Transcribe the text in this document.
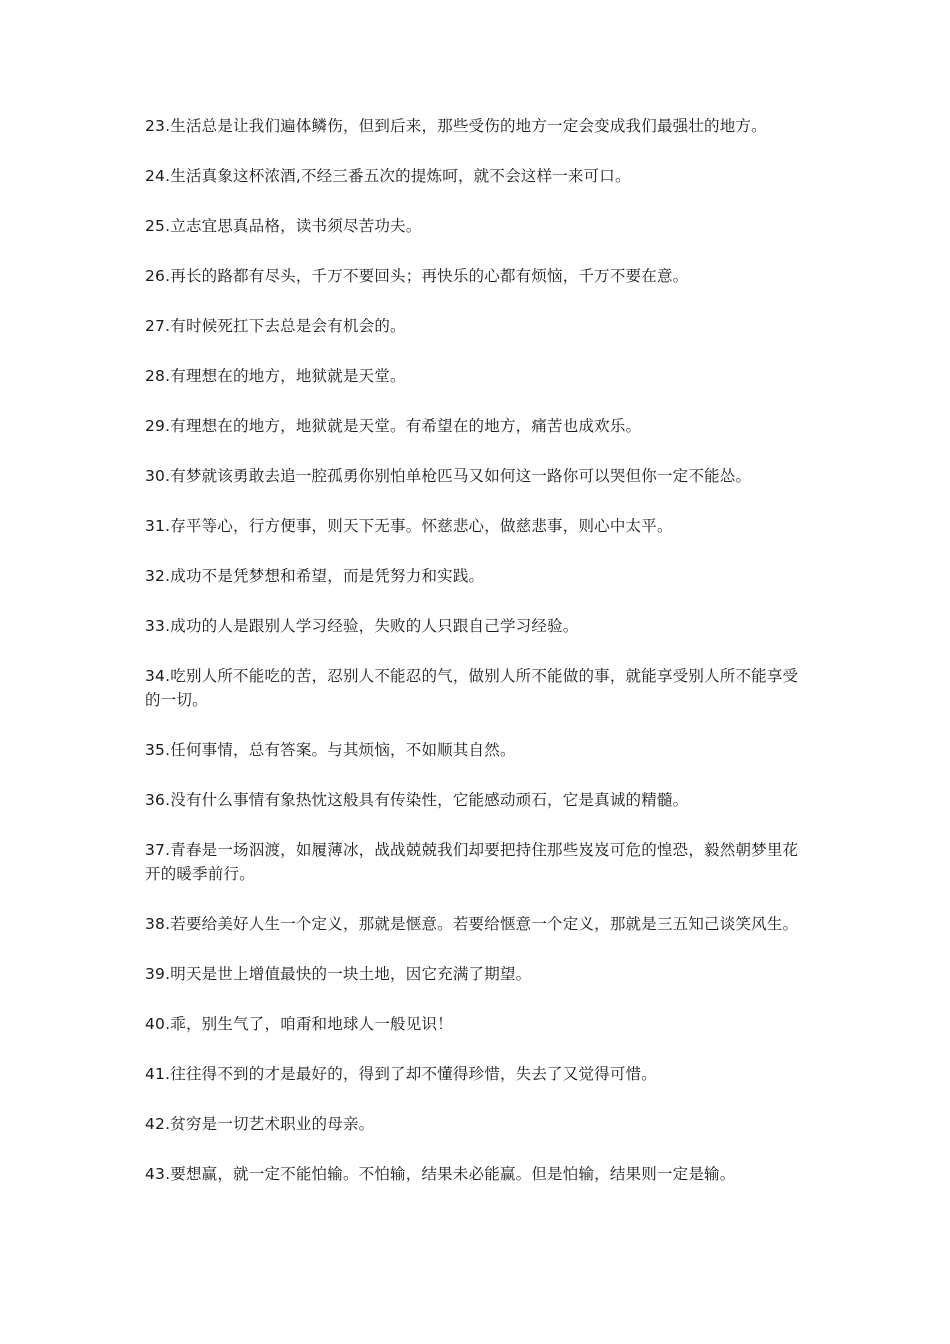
23.生活总是让我们遍体鳞伤，但到后来，那些受伤的地方一定会变成我们最强壮的地方。
24.生活真象这杯浓酒,不经三番五次的提炼呵，就不会这样一来可口。
25.立志宜思真品格，读书须尽苦功夫。
26.再长的路都有尽头，千万不要回头；再快乐的心都有烦恼，千万不要在意。
27.有时候死扛下去总是会有机会的。
28.有理想在的地方，地狱就是天堂。
29.有理想在的地方，地狱就是天堂。有希望在的地方，痛苦也成欢乐。
30.有梦就该勇敢去追一腔孤勇你别怕单枪匹马又如何这一路你可以哭但你一定不能怂。
31.存平等心，行方便事，则天下无事。怀慈悲心，做慈悲事，则心中太平。
32.成功不是凭梦想和希望，而是凭努力和实践。
33.成功的人是跟别人学习经验，失败的人只跟自己学习经验。
34.吃别人所不能吃的苦，忍别人不能忍的气，做别人所不能做的事，就能享受别人所不能享受的一切。
35.任何事情，总有答案。与其烦恼，不如顺其自然。
36.没有什么事情有象热忱这般具有传染性，它能感动顽石，它是真诚的精髓。
37.青春是一场泅渡，如履薄冰，战战兢兢我们却要把持住那些岌岌可危的惶恐，毅然朝梦里花开的暖季前行。
38.若要给美好人生一个定义，那就是惬意。若要给惬意一个定义，那就是三五知己谈笑风生。
39.明天是世上增值最快的一块土地，因它充满了期望。
40.乖，别生气了，咱甭和地球人一般见识！
41.往往得不到的才是最好的，得到了却不懂得珍惜，失去了又觉得可惜。
42.贫穷是一切艺术职业的母亲。
43.要想赢，就一定不能怕输。不怕输，结果未必能赢。但是怕输，结果则一定是输。
